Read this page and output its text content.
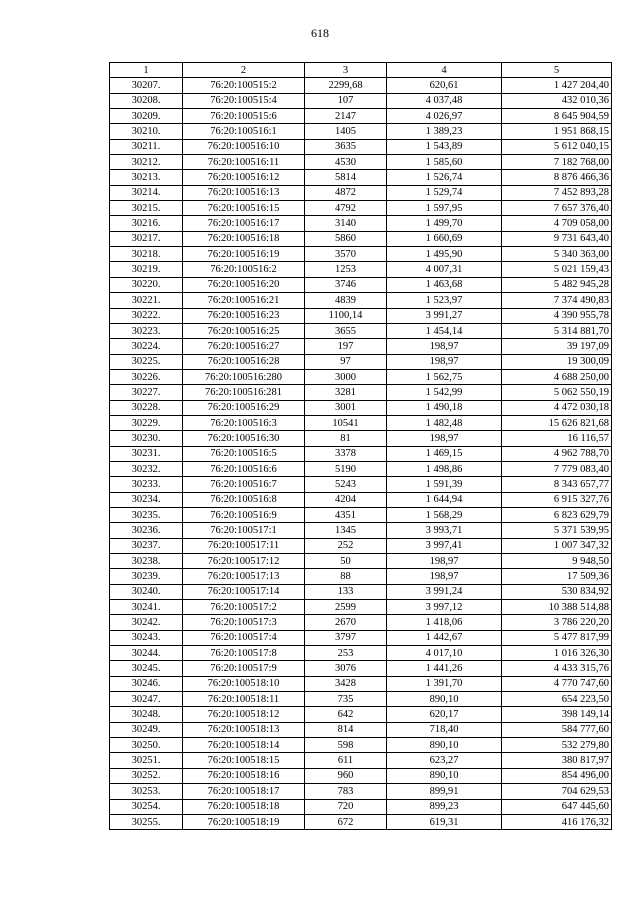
618
1	2	3	4	5
30207.	76:20:100515:2	2299,68	620,61	1 427 204,40
30208.	76:20:100515:4	107	4 037,48	432 010,36
30209.	76:20:100515:6	2147	4 026,97	8 645 904,59
30210.	76:20:100516:1	1405	1 389,23	1 951 868,15
30211.	76:20:100516:10	3635	1 543,89	5 612 040,15
30212.	76:20:100516:11	4530	1 585,60	7 182 768,00
30213.	76:20:100516:12	5814	1 526,74	8 876 466,36
30214.	76:20:100516:13	4872	1 529,74	7 452 893,28
30215.	76:20:100516:15	4792	1 597,95	7 657 376,40
30216.	76:20:100516:17	3140	1 499,70	4 709 058,00
30217.	76:20:100516:18	5860	1 660,69	9 731 643,40
30218.	76:20:100516:19	3570	1 495,90	5 340 363,00
30219.	76:20:100516:2	1253	4 007,31	5 021 159,43
30220.	76:20:100516:20	3746	1 463,68	5 482 945,28
30221.	76:20:100516:21	4839	1 523,97	7 374 490,83
30222.	76:20:100516:23	1100,14	3 991,27	4 390 955,78
30223.	76:20:100516:25	3655	1 454,14	5 314 881,70
30224.	76:20:100516:27	197	198,97	39 197,09
30225.	76:20:100516:28	97	198,97	19 300,09
30226.	76:20:100516:280	3000	1 562,75	4 688 250,00
30227.	76:20:100516:281	3281	1 542,99	5 062 550,19
30228.	76:20:100516:29	3001	1 490,18	4 472 030,18
30229.	76:20:100516:3	10541	1 482,48	15 626 821,68
30230.	76:20:100516:30	81	198,97	16 116,57
30231.	76:20:100516:5	3378	1 469,15	4 962 788,70
30232.	76:20:100516:6	5190	1 498,86	7 779 083,40
30233.	76:20:100516:7	5243	1 591,39	8 343 657,77
30234.	76:20:100516:8	4204	1 644,94	6 915 327,76
30235.	76:20:100516:9	4351	1 568,29	6 823 629,79
30236.	76:20:100517:1	1345	3 993,71	5 371 539,95
30237.	76:20:100517:11	252	3 997,41	1 007 347,32
30238.	76:20:100517:12	50	198,97	9 948,50
30239.	76:20:100517:13	88	198,97	17 509,36
30240.	76:20:100517:14	133	3 991,24	530 834,92
30241.	76:20:100517:2	2599	3 997,12	10 388 514,88
30242.	76:20:100517:3	2670	1 418,06	3 786 220,20
30243.	76:20:100517:4	3797	1 442,67	5 477 817,99
30244.	76:20:100517:8	253	4 017,10	1 016 326,30
30245.	76:20:100517:9	3076	1 441,26	4 433 315,76
30246.	76:20:100518:10	3428	1 391,70	4 770 747,60
30247.	76:20:100518:11	735	890,10	654 223,50
30248.	76:20:100518:12	642	620,17	398 149,14
30249.	76:20:100518:13	814	718,40	584 777,60
30250.	76:20:100518:14	598	890,10	532 279,80
30251.	76:20:100518:15	611	623,27	380 817,97
30252.	76:20:100518:16	960	890,10	854 496,00
30253.	76:20:100518:17	783	899,91	704 629,53
30254.	76:20:100518:18	720	899,23	647 445,60
30255.	76:20:100518:19	672	619,31	416 176,32
